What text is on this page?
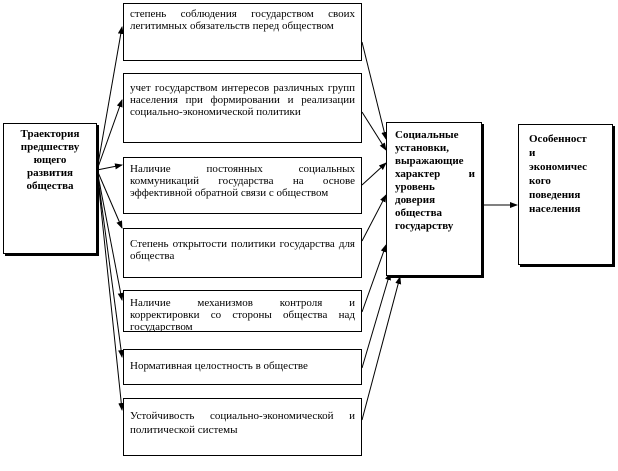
Траектория
предшеству
ющего
развития
общества
степень соблюдения государством своих легитимных обязательств перед обществом
учет государством интересов различных групп населения при формировании и реализации социально-экономической политики
Наличие постоянных социальных коммуникаций государства на основе эффективной обратной связи с обществом
Степень открытости политики государства для общества
Наличие механизмов контроля и корректировки со стороны общества над государством
Нормативная целостность в обществе
Устойчивость социально-экономической и политической системы
Социальные
установки,
выражающие
характер и
уровень
доверия
общества
государству
Особенност
и
экономичес
кого
поведения
населения
